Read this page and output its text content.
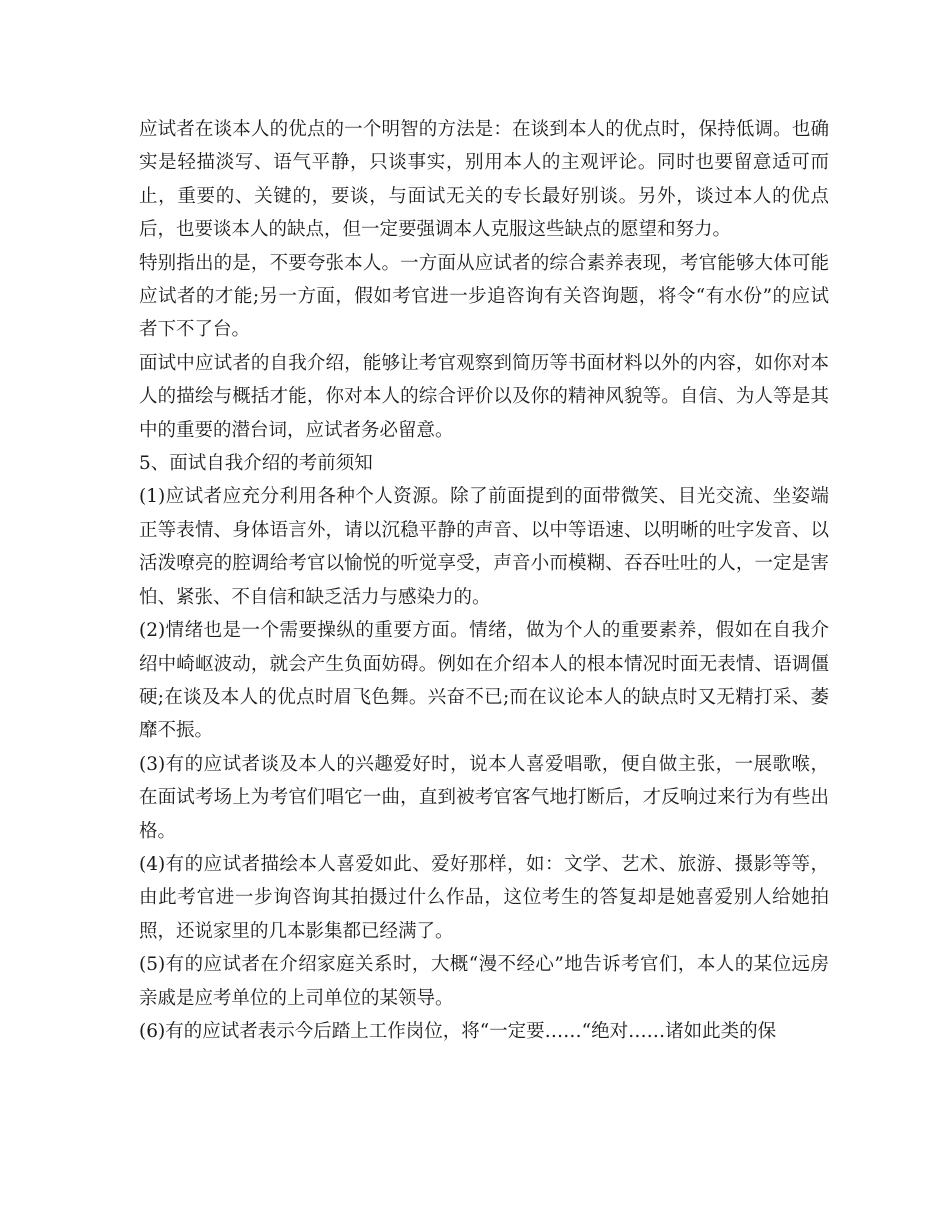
应试者在谈本人的优点的一个明智的方法是：在谈到本人的优点时，保持低调。也确实是轻描淡写、语气平静，只谈事实，别用本人的主观评论。同时也要留意适可而止，重要的、关键的，要谈，与面试无关的专长最好别谈。另外，谈过本人的优点后，也要谈本人的缺点，但一定要强调本人克服这些缺点的愿望和努力。

特别指出的是，不要夸张本人。一方面从应试者的综合素养表现，考官能够大体可能应试者的才能;另一方面，假如考官进一步追咨询有关咨询题，将令“有水份”的应试者下不了台。

面试中应试者的自我介绍，能够让考官观察到简历等书面材料以外的内容，如你对本人的描绘与概括才能，你对本人的综合评价以及你的精神风貌等。自信、为人等是其中的重要的潜台词，应试者务必留意。

5、面试自我介绍的考前须知

(1)应试者应充分利用各种个人资源。除了前面提到的面带微笑、目光交流、坐姿端正等表情、身体语言外，请以沉稳平静的声音、以中等语速、以明晰的吐字发音、以活泼嘹亮的腔调给考官以愉悦的听觉享受，声音小而模糊、吞吞吐吐的人，一定是害怕、紧张、不自信和缺乏活力与感染力的。

(2)情绪也是一个需要操纵的重要方面。情绪，做为个人的重要素养，假如在自我介绍中崎岖波动，就会产生负面妨碍。例如在介绍本人的根本情况时面无表情、语调僵硬;在谈及本人的优点时眉飞色舞。兴奋不已;而在议论本人的缺点时又无精打采、萎靡不振。

(3)有的应试者谈及本人的兴趣爱好时，说本人喜爱唱歌，便自做主张，一展歌喉，在面试考场上为考官们唱它一曲，直到被考官客气地打断后，才反响过来行为有些出格。

(4)有的应试者描绘本人喜爱如此、爱好那样，如：文学、艺术、旅游、摄影等等，由此考官进一步询咨询其拍摄过什么作品，这位考生的答复却是她喜爱别人给她拍照，还说家里的几本影集都已经满了。

(5)有的应试者在介绍家庭关系时，大概“漫不经心”地告诉考官们，本人的某位远房亲戚是应考单位的上司单位的某领导。

(6)有的应试者表示今后踏上工作岗位，将“一定要……“绝对……诸如此类的保
